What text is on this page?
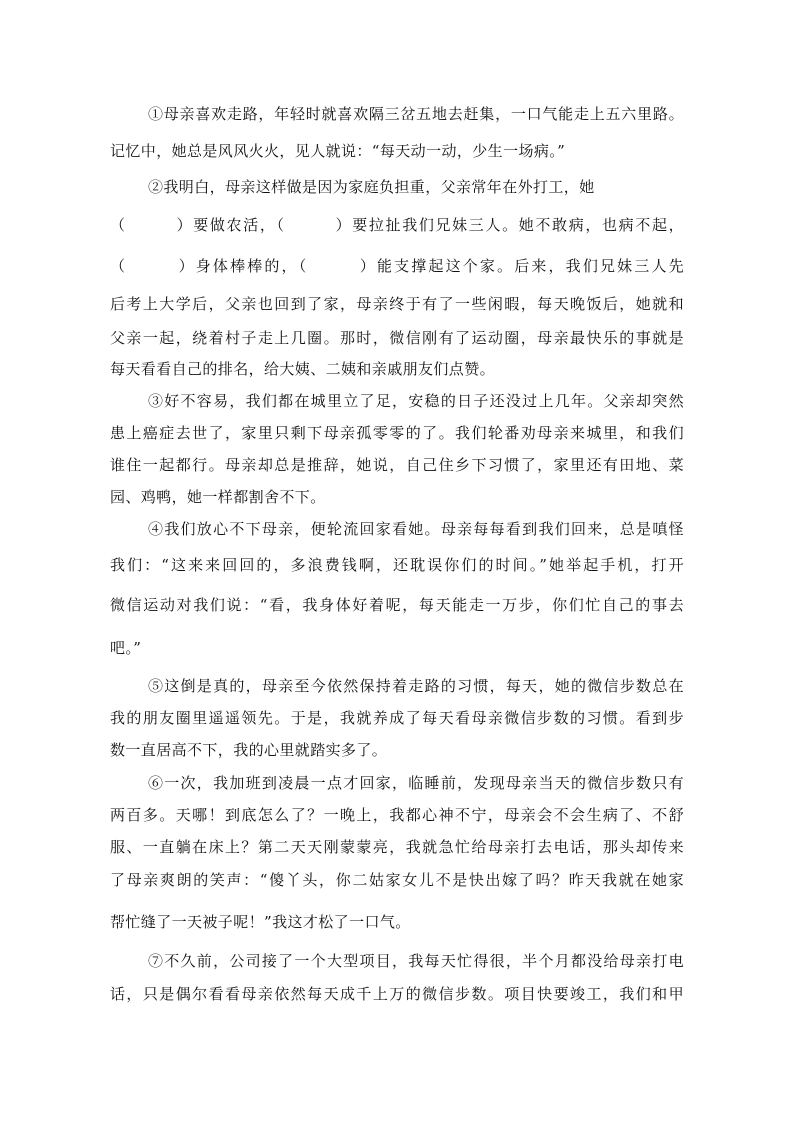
①母亲喜欢走路，年轻时就喜欢隔三岔五地去赶集，一口气能走上五六里路。
记忆中，她总是风风火火，见人就说：“每天动一动，少生一场病。”
②我明白，母亲这样做是因为家庭负担重，父亲常年在外打工，她
（　　　）要做农活，（　　　）要拉扯我们兄妹三人。她不敢病，也病不起，
（　　　）身体棒棒的，（　　　）能支撑起这个家。后来，我们兄妹三人先
后考上大学后，父亲也回到了家，母亲终于有了一些闲暇，每天晚饭后，她就和
父亲一起，绕着村子走上几圈。那时，微信刚有了运动圈，母亲最快乐的事就是
每天看看自己的排名，给大姨、二姨和亲戚朋友们点赞。
③好不容易，我们都在城里立了足，安稳的日子还没过上几年。父亲却突然
患上癌症去世了，家里只剩下母亲孤零零的了。我们轮番劝母亲来城里，和我们
谁住一起都行。母亲却总是推辞，她说，自己住乡下习惯了，家里还有田地、菜
园、鸡鸭，她一样都割舍不下。
④我们放心不下母亲，便轮流回家看她。母亲每每看到我们回来，总是嗔怪
我们：“这来来回回的，多浪费钱啊，还耽误你们的时间。”她举起手机，打开
微信运动对我们说：“看，我身体好着呢，每天能走一万步，你们忙自己的事去
吧。”
⑤这倒是真的，母亲至今依然保持着走路的习惯，每天，她的微信步数总在
我的朋友圈里遥遥领先。于是，我就养成了每天看母亲微信步数的习惯。看到步
数一直居高不下，我的心里就踏实多了。
⑥一次，我加班到凌晨一点才回家，临睡前，发现母亲当天的微信步数只有
两百多。天哪！到底怎么了？一晚上，我都心神不宁，母亲会不会生病了、不舒
服、一直躺在床上？第二天天刚蒙蒙亮，我就急忙给母亲打去电话，那头却传来
了母亲爽朗的笑声：“傻丫头，你二姑家女儿不是快出嫁了吗？昨天我就在她家
帮忙缝了一天被子呢！”我这才松了一口气。
⑦不久前，公司接了一个大型项目，我每天忙得很，半个月都没给母亲打电
话，只是偶尔看看母亲依然每天成千上万的微信步数。项目快要竣工，我们和甲
